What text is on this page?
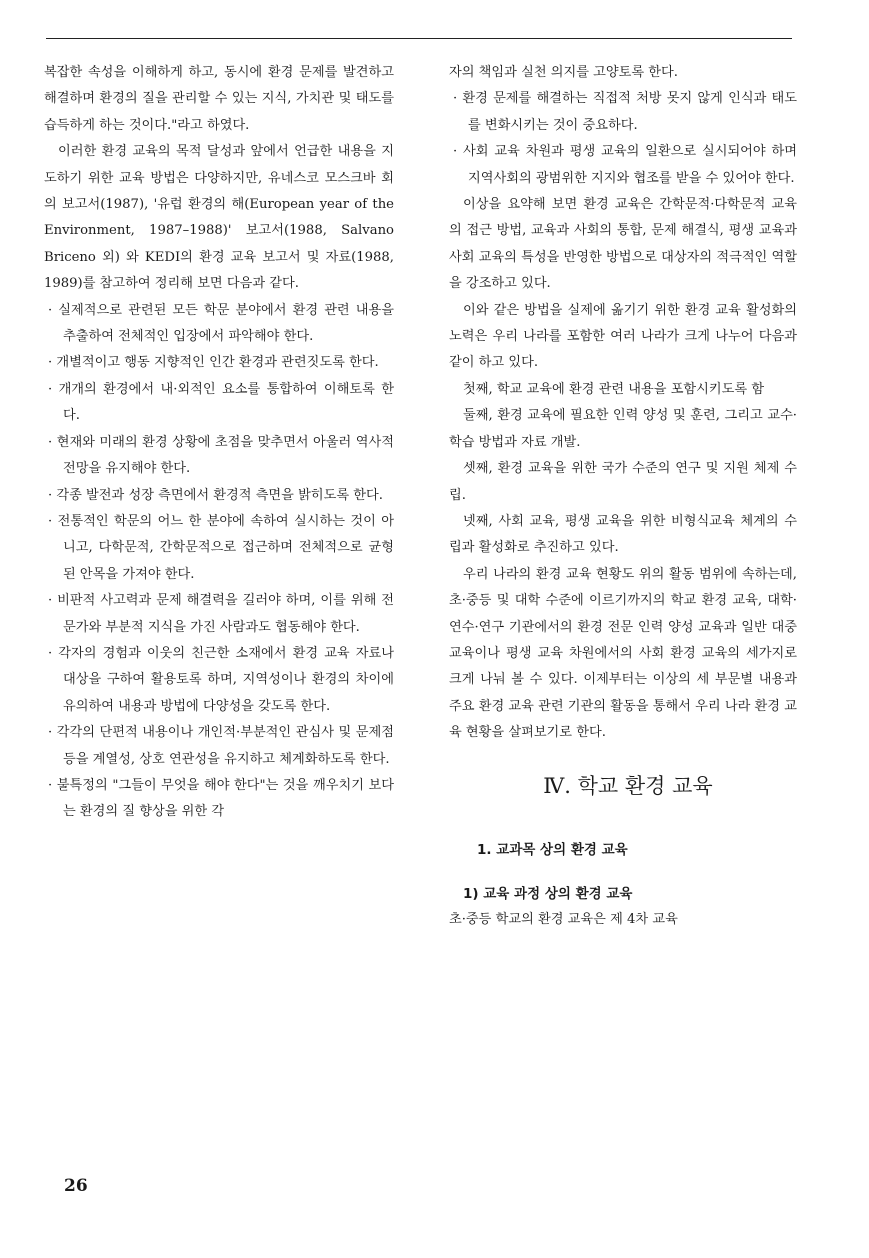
복잡한 속성을 이해하게 하고, 동시에 환경 문제를 발견하고 해결하며 환경의 질을 관리할 수 있는 지식, 가치관 및 태도를 습득하게 하는 것이다."라고 하였다.

이러한 환경 교육의 목적 달성과 앞에서 언급한 내용을 지도하기 위한 교육 방법은 다양하지만, 유네스코 모스크바 회의 보고서(1987), '유럽 환경의 해(European year of the Environment, 1987–1988)' 보고서(1988, Salvano Briceno 외) 와 KEDI의 환경 교육 보고서 및 자료(1988, 1989)를 참고하여 정리해 보면 다음과 같다.

· 실제적으로 관련된 모든 학문 분야에서 환경 관련 내용을 추출하여 전체적인 입장에서 파악해야 한다.

· 개별적이고 행동 지향적인 인간 환경과 관련짓도록 한다.

· 개개의 환경에서 내·외적인 요소를 통합하여 이해토록 한다.

· 현재와 미래의 환경 상황에 초점을 맞추면서 아울러 역사적 전망을 유지해야 한다.

· 각종 발전과 성장 측면에서 환경적 측면을 밝히도록 한다.

· 전통적인 학문의 어느 한 분야에 속하여 실시하는 것이 아니고, 다학문적, 간학문적으로 접근하며 전체적으로 균형된 안목을 가져야 한다.

· 비판적 사고력과 문제 해결력을 길러야 하며, 이를 위해 전문가와 부분적 지식을 가진 사람과도 협동해야 한다.

· 각자의 경험과 이웃의 친근한 소재에서 환경 교육 자료나 대상을 구하여 활용토록 하며, 지역성이나 환경의 차이에 유의하여 내용과 방법에 다양성을 갖도록 한다.

· 각각의 단편적 내용이나 개인적·부분적인 관심사 및 문제점 등을 계열성, 상호 연관성을 유지하고 체계화하도록 한다.

· 불특정의 "그들이 무엇을 해야 한다"는 것을 깨우치기 보다는 환경의 질 향상을 위한 각

자의 책임과 실천 의지를 고양토록 한다.

· 환경 문제를 해결하는 직접적 처방 못지 않게 인식과 태도를 변화시키는 것이 중요하다.

· 사회 교육 차원과 평생 교육의 일환으로 실시되어야 하며 지역사회의 광범위한 지지와 협조를 받을 수 있어야 한다.

이상을 요약해 보면 환경 교육은 간학문적·다학문적 교육의 접근 방법, 교육과 사회의 통합, 문제 해결식, 평생 교육과 사회 교육의 특성을 반영한 방법으로 대상자의 적극적인 역할을 강조하고 있다.

이와 같은 방법을 실제에 옮기기 위한 환경 교육 활성화의 노력은 우리 나라를 포함한 여러 나라가 크게 나누어 다음과 같이 하고 있다.

첫째, 학교 교육에 환경 관련 내용을 포함시키도록 함

둘째, 환경 교육에 필요한 인력 양성 및 훈련, 그리고 교수·학습 방법과 자료 개발.

셋째, 환경 교육을 위한 국가 수준의 연구 및 지원 체제 수립.

넷째, 사회 교육, 평생 교육을 위한 비형식교육 체계의 수립과 활성화로 추진하고 있다.

우리 나라의 환경 교육 현황도 위의 활동 범위에 속하는데, 초·중등 및 대학 수준에 이르기까지의 학교 환경 교육, 대학·연수·연구 기관에서의 환경 전문 인력 양성 교육과 일반 대중 교육이나 평생 교육 차원에서의 사회 환경 교육의 세가지로 크게 나눠 볼 수 있다. 이제부터는 이상의 세 부문별 내용과 주요 환경 교육 관련 기관의 활동을 통해서 우리 나라 환경 교육 현황을 살펴보기로 한다.

Ⅳ. 학교 환경 교육

1. 교과목 상의 환경 교육

1) 교육 과정 상의 환경 교육

초·중등 학교의 환경 교육은 제 4차 교육

26
